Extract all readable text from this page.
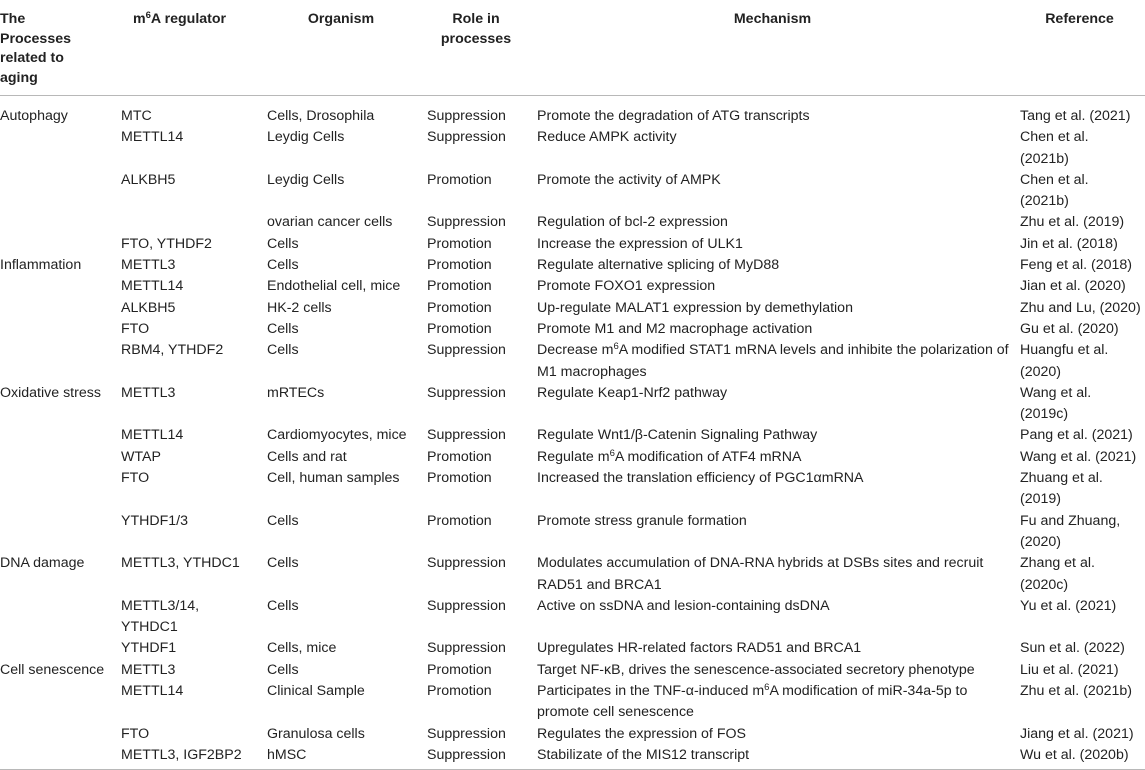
The Processes related to aging	$m^6A$ regulator	Organism	Role in processes	Mechanism	Reference
Autophagy	MTC	Cells, Drosophila	Suppression	Promote the degradation of ATG transcripts	Tang et al. (2021)
	METTL14	Leydig Cells	Suppression	Reduce AMPK activity	Chen et al. (2021b)
	ALKBH5	Leydig Cells	Promotion	Promote the activity of AMPK	Chen et al. (2021b)
		ovarian cancer cells	Suppression	Regulation of bcl-2 expression	Zhu et al. (2019)
	FTO, YTHDF2	Cells	Promotion	Increase the expression of ULK1	Jin et al. (2018)
Inflammation	METTL3	Cells	Promotion	Regulate alternative splicing of MyD88	Feng et al. (2018)
	METTL14	Endothelial cell, mice	Promotion	Promote FOXO1 expression	Jian et al. (2020)
	ALKBH5	HK-2 cells	Promotion	Up-regulate MALAT1 expression by demethylation	Zhu and Lu, (2020)
	FTO	Cells	Promotion	Promote M1 and M2 macrophage activation	Gu et al. (2020)
	RBM4, YTHDF2	Cells	Suppression	Decrease $m^6A$ modified STAT1 mRNA levels and inhibite the polarization of M1 macrophages	Huangfu et al. (2020)
Oxidative stress	METTL3	mRTECs	Suppression	Regulate Keap1-Nrf2 pathway	Wang et al. (2019c)
	METTL14	Cardiomyocytes, mice	Suppression	Regulate Wnt1/β-Catenin Signaling Pathway	Pang et al. (2021)
	WTAP	Cells and rat	Promotion	Regulate $m^6A$ modification of ATF4 mRNA	Wang et al. (2021)
	FTO	Cell, human samples	Promotion	Increased the translation efficiency of PGC1αmRNA	Zhuang et al. (2019)
	YTHDF1/3	Cells	Promotion	Promote stress granule formation	Fu and Zhuang, (2020)
DNA damage	METTL3, YTHDC1	Cells	Suppression	Modulates accumulation of DNA-RNA hybrids at DSBs sites and recruit RAD51 and BRCA1	Zhang et al. (2020c)
	METTL3/14, YTHDC1	Cells	Suppression	Active on ssDNA and lesion-containing dsDNA	Yu et al. (2021)
	YTHDF1	Cells, mice	Suppression	Upregulates HR-related factors RAD51 and BRCA1	Sun et al. (2022)
Cell senescence	METTL3	Cells	Promotion	Target NF-κB, drives the senescence-associated secretory phenotype	Liu et al. (2021)
	METTL14	Clinical Sample	Promotion	Participates in the TNF-α-induced $m^6A$ modification of miR-34a-5p to promote cell senescence	Zhu et al. (2021b)
	FTO	Granulosa cells	Suppression	Regulates the expression of FOS	Jiang et al. (2021)
	METTL3, IGF2BP2	hMSC	Suppression	Stabilizate of the MIS12 transcript	Wu et al. (2020b)
